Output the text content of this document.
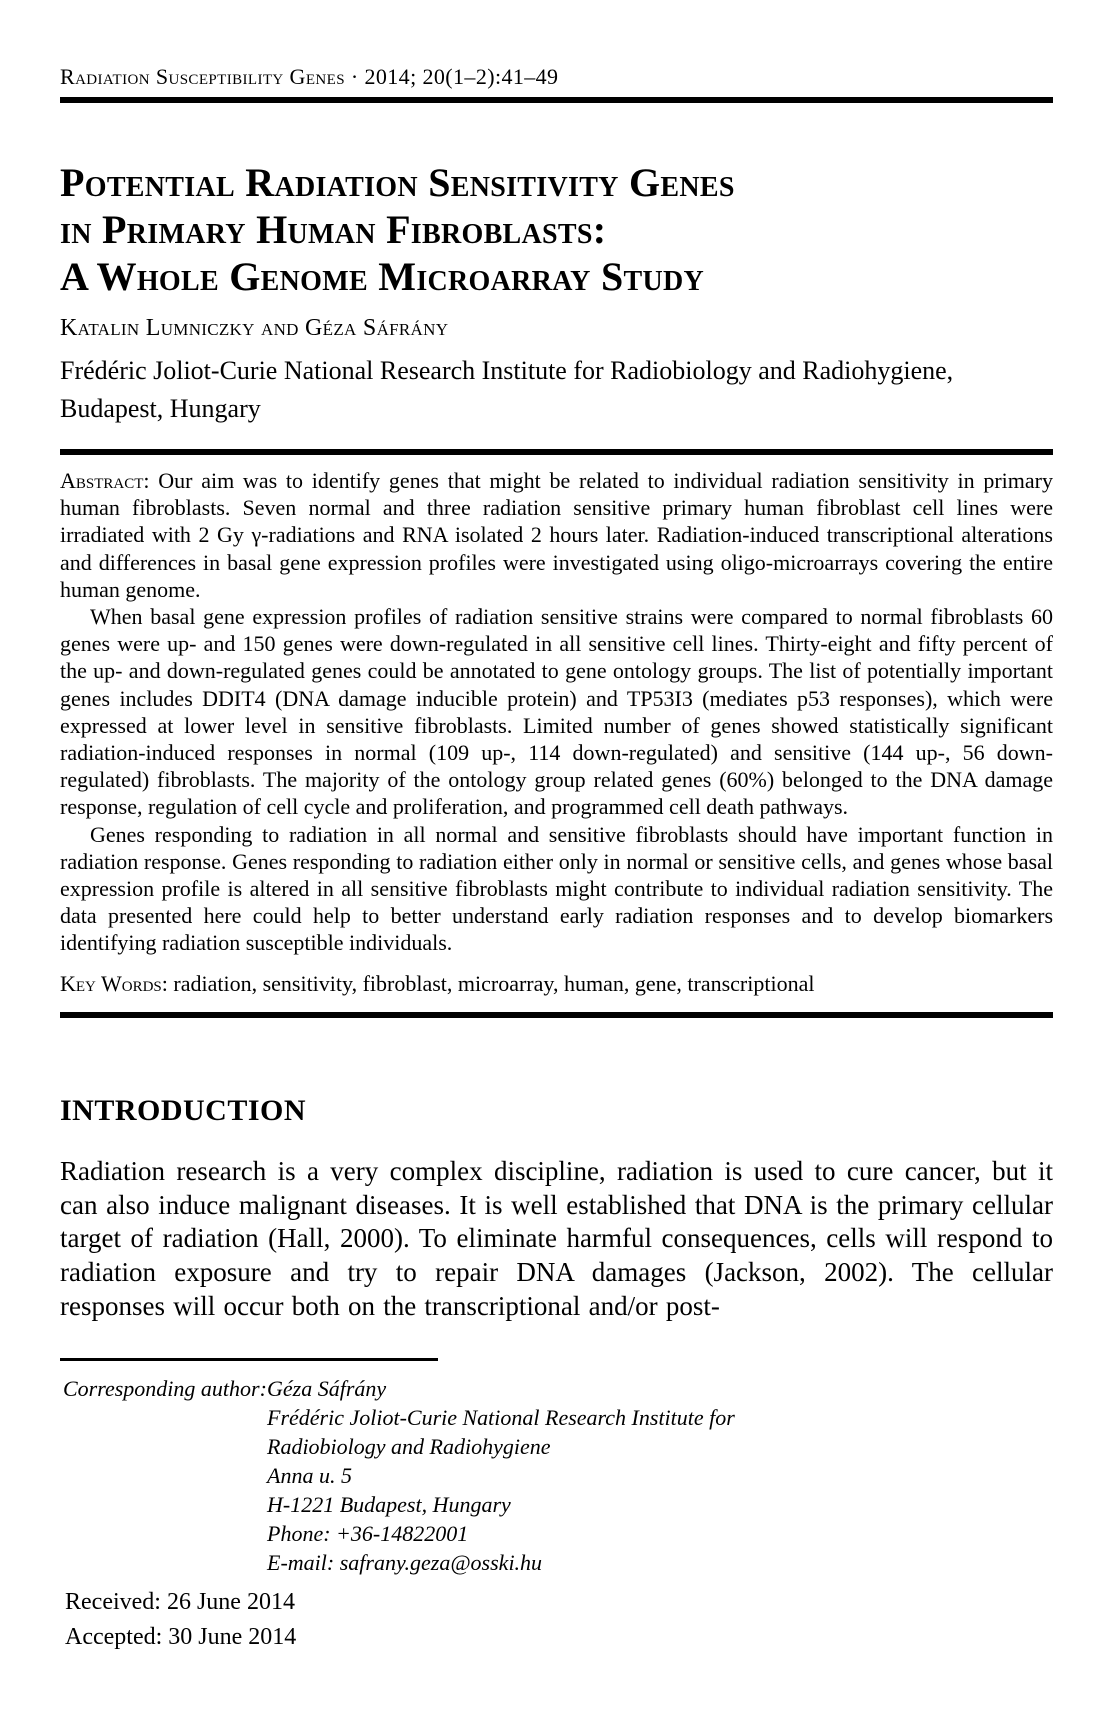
Radiation Susceptibility Genes · 2014; 20(1–2):41–49
Potential Radiation Sensitivity Genes
in Primary Human Fibroblasts:
A Whole Genome Microarray Study
Katalin Lumniczky and Géza Sáfrány
Frédéric Joliot-Curie National Research Institute for Radiobiology and Radiohygiene, Budapest, Hungary

Abstract: Our aim was to identify genes that might be related to individual radiation sensitivity in primary human fibroblasts. Seven normal and three radiation sensitive primary human fibroblast cell lines were irradiated with 2 Gy γ-radiations and RNA isolated 2 hours later. Radiation-induced transcriptional alterations and differences in basal gene expression profiles were investigated using oligo-microarrays covering the entire human genome.

When basal gene expression profiles of radiation sensitive strains were compared to normal fibroblasts 60 genes were up- and 150 genes were down-regulated in all sensitive cell lines. Thirty-eight and fifty percent of the up- and down-regulated genes could be annotated to gene ontology groups. The list of potentially important genes includes DDIT4 (DNA damage inducible protein) and TP53I3 (mediates p53 responses), which were expressed at lower level in sensitive fibroblasts. Limited number of genes showed statistically significant radiation-induced responses in normal (109 up-, 114 down-regulated) and sensitive (144 up-, 56 down-regulated) fibroblasts. The majority of the ontology group related genes (60%) belonged to the DNA damage response, regulation of cell cycle and proliferation, and programmed cell death pathways.

Genes responding to radiation in all normal and sensitive fibroblasts should have important function in radiation response. Genes responding to radiation either only in normal or sensitive cells, and genes whose basal expression profile is altered in all sensitive fibroblasts might contribute to individual radiation sensitivity. The data presented here could help to better understand early radiation responses and to develop biomarkers identifying radiation susceptible individuals.

Key Words: radiation, sensitivity, fibroblast, microarray, human, gene, transcriptional

INTRODUCTION

Radiation research is a very complex discipline, radiation is used to cure cancer, but it can also induce malignant diseases. It is well established that DNA is the primary cellular target of radiation (Hall, 2000). To eliminate harmful consequences, cells will respond to radiation exposure and try to repair DNA damages (Jackson, 2002). The cellular responses will occur both on the transcriptional and/or post-

Corresponding author: Géza Sáfrány
Frédéric Joliot-Curie National Research Institute for
Radiobiology and Radiohygiene
Anna u. 5
H-1221 Budapest, Hungary
Phone: +36-14822001
E-mail: safrany.geza@osski.hu
Received: 26 June 2014
Accepted: 30 June 2014
